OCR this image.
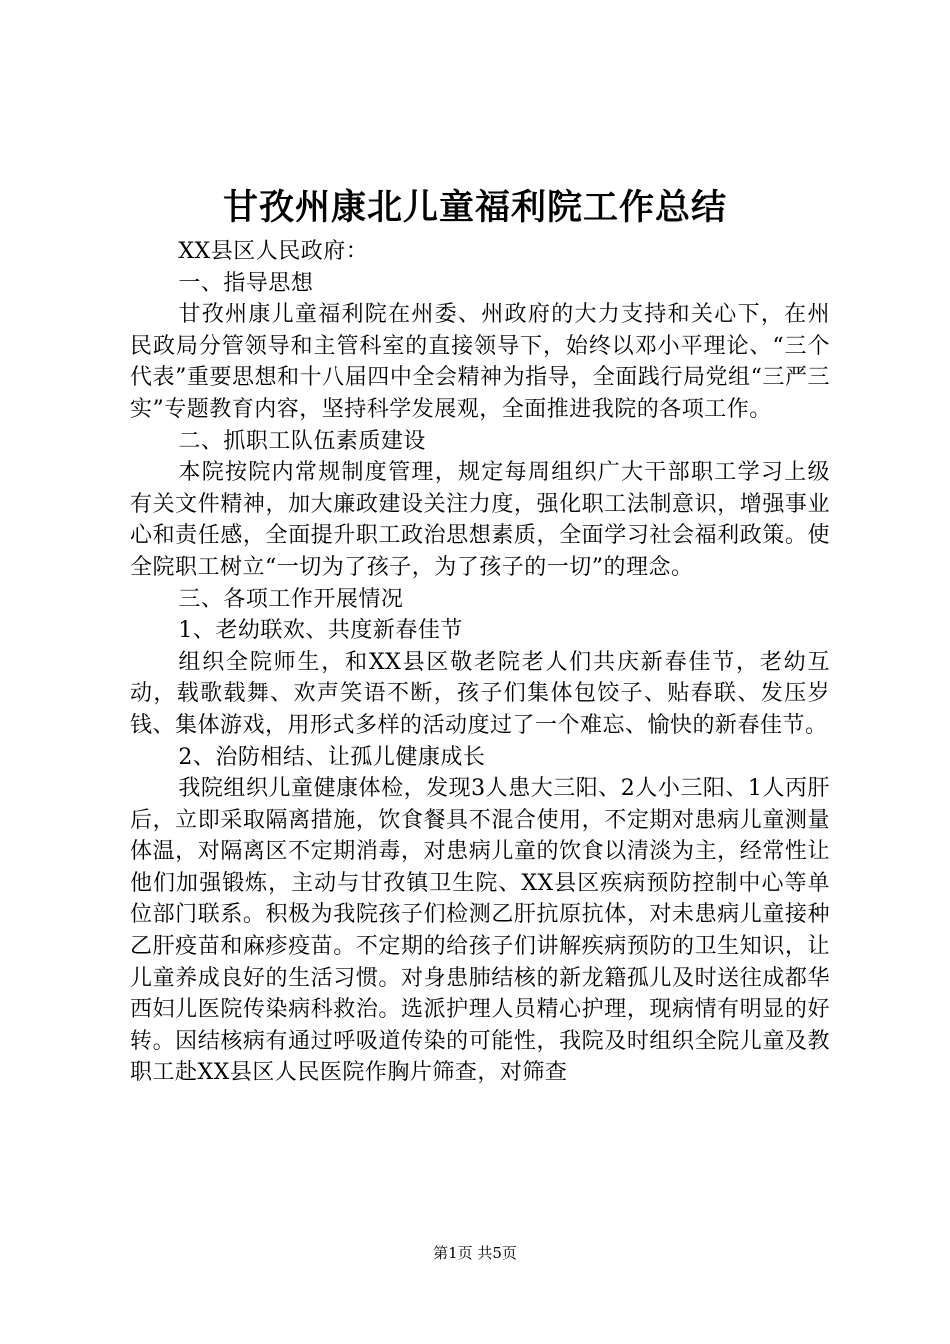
甘孜州康北儿童福利院工作总结

XX县区人民政府：

一、指导思想

甘孜州康儿童福利院在州委、州政府的大力支持和关心下，在州民政局分管领导和主管科室的直接领导下，始终以邓小平理论、“三个代表”重要思想和十八届四中全会精神为指导，全面践行局党组“三严三实”专题教育内容，坚持科学发展观，全面推进我院的各项工作。

二、抓职工队伍素质建设

本院按院内常规制度管理，规定每周组织广大干部职工学习上级有关文件精神，加大廉政建设关注力度，强化职工法制意识，增强事业心和责任感，全面提升职工政治思想素质，全面学习社会福利政策。使全院职工树立“一切为了孩子，为了孩子的一切”的理念。

三、各项工作开展情况

1、老幼联欢、共度新春佳节

组织全院师生，和XX县区敬老院老人们共庆新春佳节，老幼互动，载歌载舞、欢声笑语不断，孩子们集体包饺子、贴春联、发压岁钱、集体游戏，用形式多样的活动度过了一个难忘、愉快的新春佳节。

2、治防相结、让孤儿健康成长

我院组织儿童健康体检，发现3人患大三阳、2人小三阳、1人丙肝后，立即采取隔离措施，饮食餐具不混合使用，不定期对患病儿童测量体温，对隔离区不定期消毒，对患病儿童的饮食以清淡为主，经常性让他们加强锻炼，主动与甘孜镇卫生院、XX县区疾病预防控制中心等单位部门联系。积极为我院孩子们检测乙肝抗原抗体，对未患病儿童接种乙肝疫苗和麻疹疫苗。不定期的给孩子们讲解疾病预防的卫生知识，让儿童养成良好的生活习惯。对身患肺结核的新龙籍孤儿及时送往成都华西妇儿医院传染病科救治。选派护理人员精心护理，现病情有明显的好转。因结核病有通过呼吸道传染的可能性，我院及时组织全院儿童及教职工赴XX县区人民医院作胸片筛查，对筛查

第1页 共5页
